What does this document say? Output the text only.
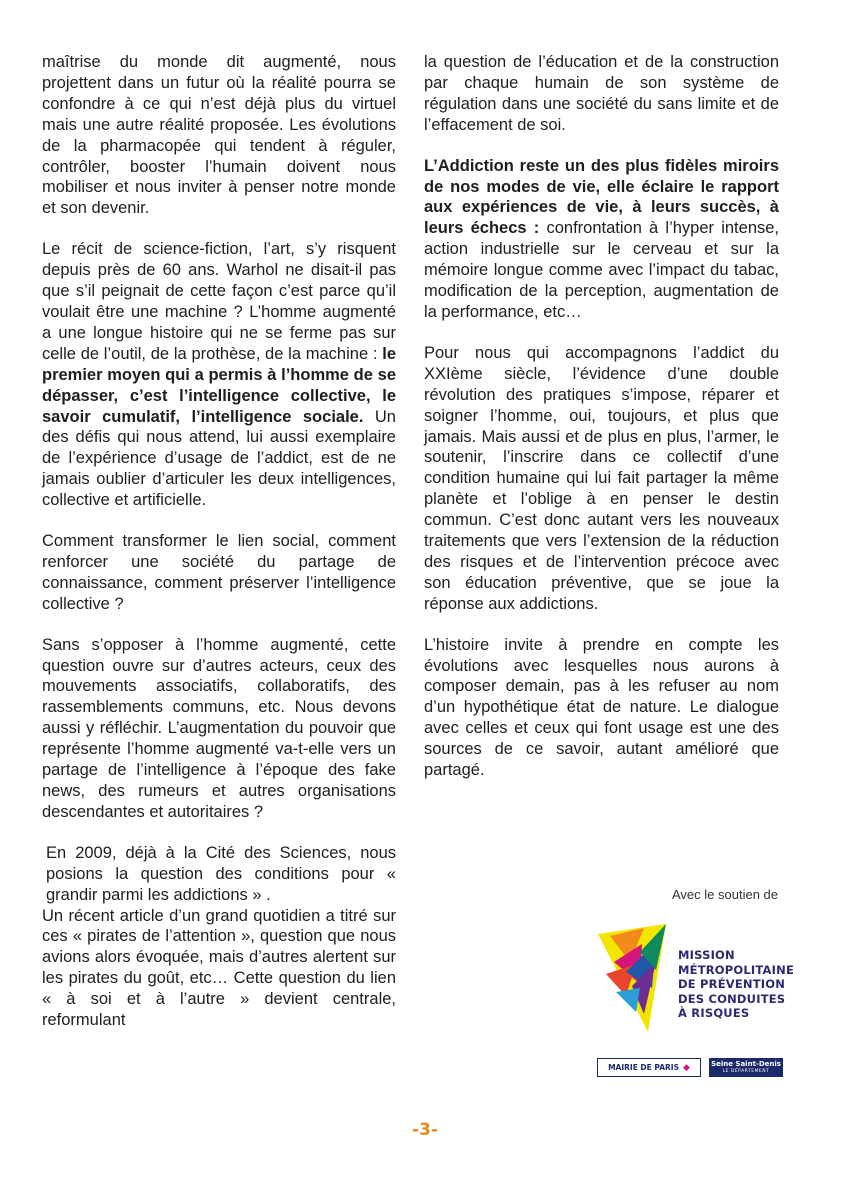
maîtrise du monde dit augmenté, nous projettent dans un futur où la réalité pourra se confondre à ce qui n’est déjà plus du virtuel mais une autre réalité proposée. Les évolutions de la pharmacopée qui tendent à réguler, contrôler, booster l’humain doivent nous mobiliser et nous inviter à penser notre monde et son devenir.

Le récit de science-fiction, l’art, s’y risquent depuis près de 60 ans. Warhol ne disait-il pas que s’il peignait de cette façon c’est parce qu’il voulait être une machine ? L’homme augmenté a une longue histoire qui ne se ferme pas sur celle de l’outil, de la prothèse, de la machine : le premier moyen qui a permis à l’homme de se dépasser, c’est l’intelligence collective, le savoir cumulatif, l’intelligence sociale. Un des défis qui nous attend, lui aussi exemplaire de l’expérience d’usage de l’addict, est de ne jamais oublier d’articuler les deux intelligences, collective et artificielle.

Comment transformer le lien social, comment renforcer une société du partage de connaissance, comment préserver l’intelligence collective ?

Sans s’opposer à l’homme augmenté, cette question ouvre sur d’autres acteurs, ceux des mouvements associatifs, collaboratifs, des rassemblements communs, etc. Nous devons aussi y réfléchir. L’augmentation du pouvoir que représente l’homme augmenté va-t-elle vers un partage de l’intelligence à l’époque des fake news, des rumeurs et autres organisations descendantes et autoritaires ?

En 2009, déjà à la Cité des Sciences, nous posions la question des conditions pour « grandir parmi les addictions » .

Un récent article d’un grand quotidien a titré sur ces « pirates de l’attention », question que nous avions alors évoquée, mais d’autres alertent sur les pirates du goût, etc… Cette question du lien « à soi et à l’autre » devient centrale, reformulant

la question de l’éducation et de la construction par chaque humain de son système de régulation dans une société du sans limite et de l’effacement de soi.

L’Addiction reste un des plus fidèles miroirs de nos modes de vie, elle éclaire le rapport aux expériences de vie, à leurs succès, à leurs échecs : confrontation à l’hyper intense, action industrielle sur le cerveau et sur la mémoire longue comme avec l’impact du tabac, modification de la perception, augmentation de la performance, etc…

Pour nous qui accompagnons l’addict du XXIème siècle, l’évidence d’une double révolution des pratiques s’impose, réparer et soigner l’homme, oui, toujours, et plus que jamais. Mais aussi et de plus en plus, l’armer, le soutenir, l’inscrire dans ce collectif d’une condition humaine qui lui fait partager la même planète et l’oblige à en penser le destin commun. C’est donc autant vers les nouveaux traitements que vers l’extension de la réduction des risques et de l’intervention précoce avec son éducation préventive, que se joue la réponse aux addictions.

L’histoire invite à prendre en compte les évolutions avec lesquelles nous aurons à composer demain, pas à les refuser au nom d’un hypothétique état de nature. Le dialogue avec celles et ceux qui font usage est une des sources de ce savoir, autant amélioré que partagé.

Avec le soutien de
MISSION
MÉTROPOLITAINE
DE PRÉVENTION
DES CONDUITES
À RISQUES
MAIRIE DE PARIS ◆	Seine Saint-Denis
LE DÉPARTEMENT
-3-
